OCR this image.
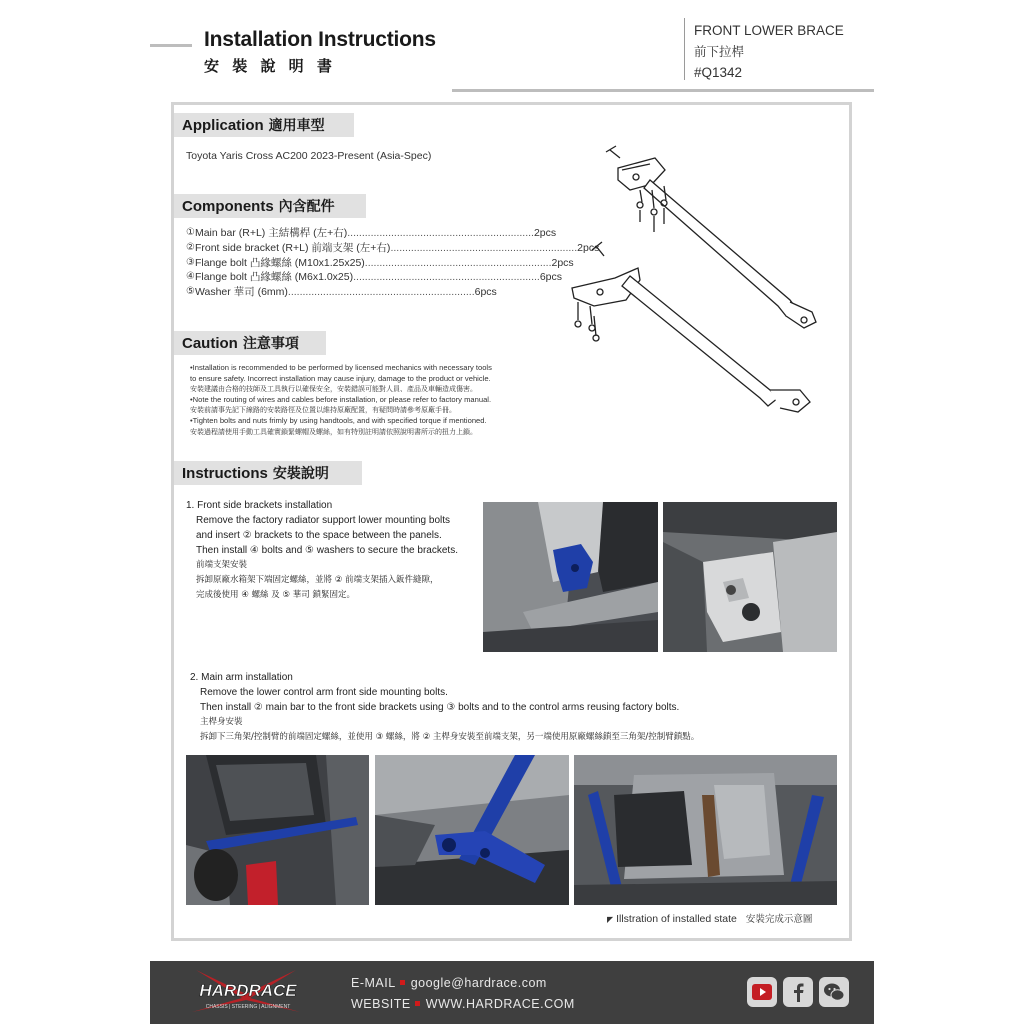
Installation Instructions
安 裝 說 明 書
FRONT LOWER BRACE
前下拉桿
#Q1342
Application 適用車型
Toyota Yaris Cross AC200 2023-Present (Asia-Spec)
Components 內含配件
① Main bar (R+L) 主結構桿 (左+右) ................................................................ 2pcs
② Front side bracket (R+L) 前端支架 (左+右) ................................................................ 2pcs
③ Flange bolt 凸緣螺絲 (M10x1.25x25) ................................................................ 2pcs
④ Flange bolt 凸緣螺絲 (M6x1.0x25) ................................................................ 6pcs
⑤ Washer 華司 (6mm) ................................................................ 6pcs
Caution 注意事項
•Installation is recommended to be performed by licensed mechanics with necessary tools
to ensure safety. Incorrect installation may cause injury, damage to the product or vehicle.
安裝建議由合格的技師及工具執行以確保安全，安裝錯誤可能對人員、產品及車輛造成傷害。
•Note the routing of wires and cables before installation, or please refer to factory manual.
安裝前請事先記下線路的安裝路徑及位置以維持原廠配置，有疑問時請參考原廠手冊。
•Tighten bolts and nuts frimly by using handtools, and with specified torque if mentioned.
安裝過程請使用手動工具確實鎖緊螺帽及螺絲，如有特別註明請依照說明書所示的扭力上鎖。
Instructions 安裝說明
1. Front side brackets installation
Remove the factory radiator support lower mounting bolts
and insert ② brackets to the space between the panels.
Then install ④ bolts and ⑤ washers to secure the brackets.
前端支架安裝
拆卸原廠水箱架下端固定螺絲，並將 ② 前端支架插入鈑件縫隙，
完成後使用 ④ 螺絲 及 ⑤ 華司 鎖緊固定。
2. Main arm installation
Remove the lower control arm front side mounting bolts.
Then install ② main bar to the front side brackets using ③ bolts and to the control arms reusing factory bolts.
主桿身安裝
拆卸下三角架/控制臂的前端固定螺絲，並使用 ③ 螺絲，將 ② 主桿身安裝至前端支架，另一端使用原廠螺絲鎖至三角架/控制臂鎖點。
◤ Illstration of installed state 安裝完成示意圖
HARDRACE
CHASSIS | STEERING | ALIGNMENT
E-MAIL google@hardrace.com
WEBSITE WWW.HARDRACE.COM
